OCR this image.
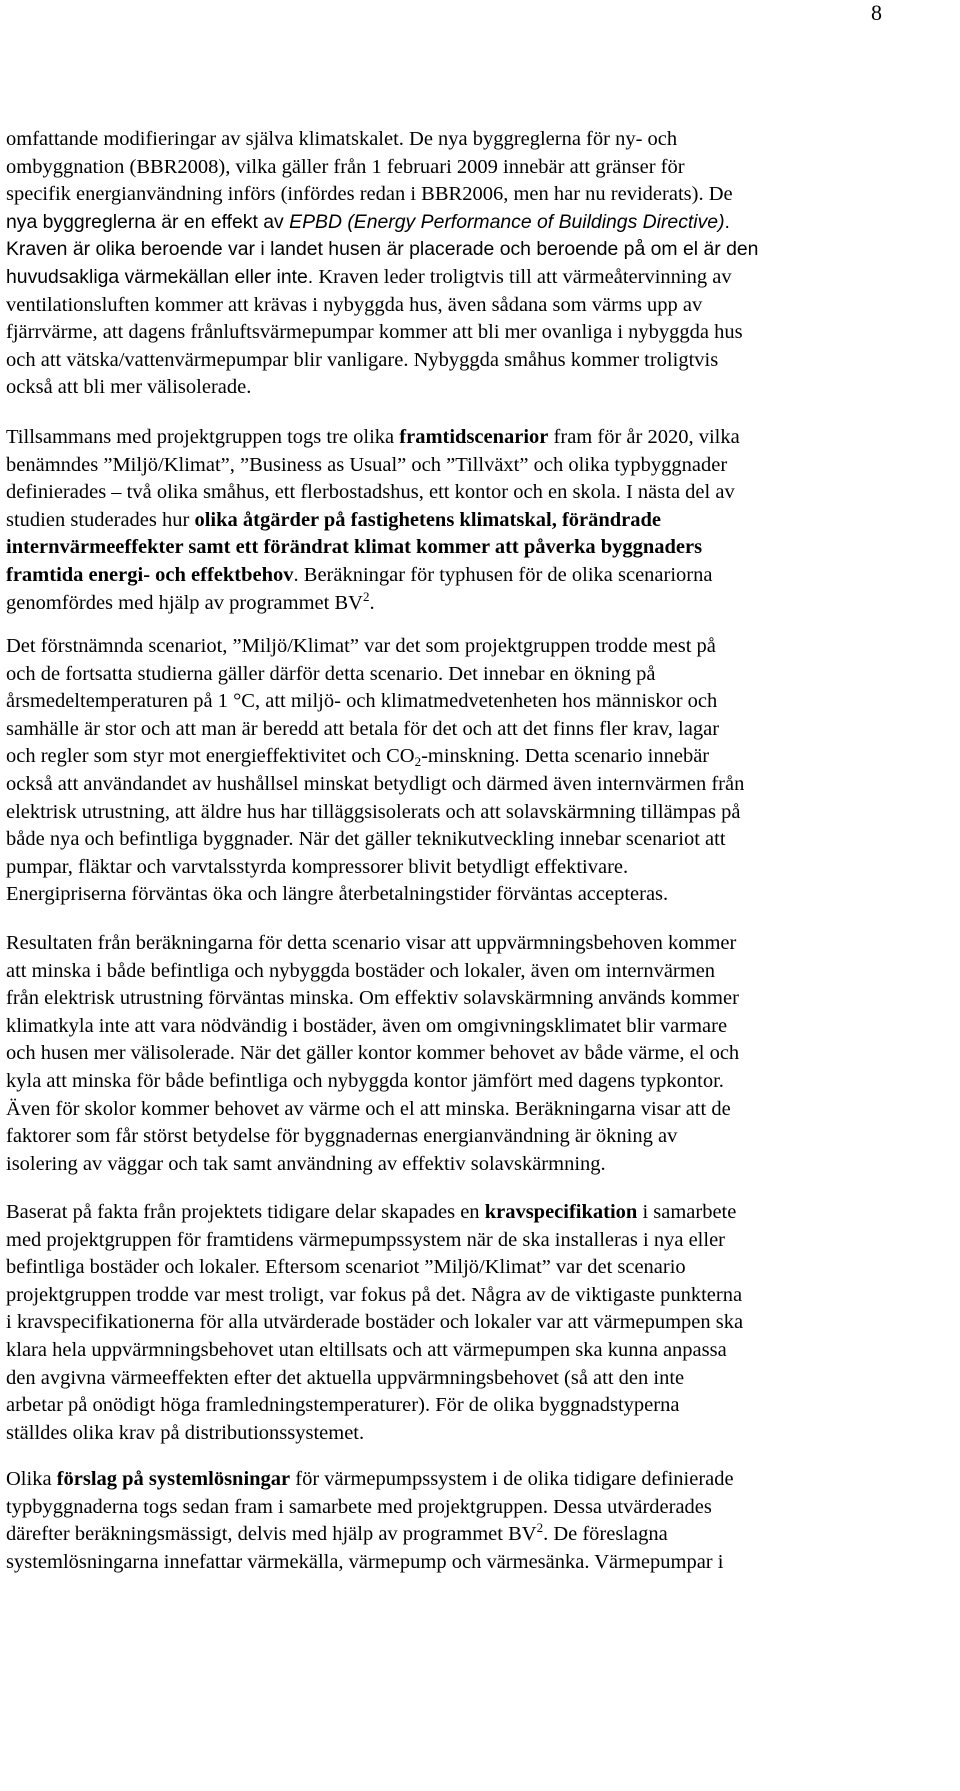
8
omfattande modifieringar av själva klimatskalet. De nya byggreglerna för ny- och
ombyggnation (BBR2008), vilka gäller från 1 februari 2009 innebär att gränser för
specifik energianvändning införs (infördes redan i BBR2006, men har nu reviderats). De
nya byggreglerna är en effekt av EPBD (Energy Performance of Buildings Directive).
Kraven är olika beroende var i landet husen är placerade och beroende på om el är den
huvudsakliga värmekällan eller inte. Kraven leder troligtvis till att värmeåtervinning av
ventilationsluften kommer att krävas i nybyggda hus, även sådana som värms upp av
fjärrvärme, att dagens frånluftsvärmepumpar kommer att bli mer ovanliga i nybyggda hus
och att vätska/vattenvärmepumpar blir vanligare. Nybyggda småhus kommer troligtvis
också att bli mer välisolerade.
Tillsammans med projektgruppen togs tre olika framtidscenarior fram för år 2020, vilka
benämndes ”Miljö/Klimat”, ”Business as Usual” och ”Tillväxt” och olika typbyggnader
definierades – två olika småhus, ett flerbostadshus, ett kontor och en skola. I nästa del av
studien studerades hur olika åtgärder på fastighetens klimatskal, förändrade
internvärmeeffekter samt ett förändrat klimat kommer att påverka byggnaders
framtida energi- och effektbehov. Beräkningar för typhusen för de olika scenariorna
genomfördes med hjälp av programmet $BV^2$.
Det förstnämnda scenariot, ”Miljö/Klimat” var det som projektgruppen trodde mest på
och de fortsatta studierna gäller därför detta scenario. Det innebar en ökning på
årsmedeltemperaturen på 1 °C, att miljö- och klimatmedvetenheten hos människor och
samhälle är stor och att man är beredd att betala för det och att det finns fler krav, lagar
och regler som styr mot energieffektivitet och $CO_2$-minskning. Detta scenario innebär
också att användandet av hushållsel minskat betydligt och därmed även internvärmen från
elektrisk utrustning, att äldre hus har tilläggsisolerats och att solavskärmning tillämpas på
både nya och befintliga byggnader. När det gäller teknikutveckling innebar scenariot att
pumpar, fläktar och varvtalsstyrda kompressorer blivit betydligt effektivare.
Energipriserna förväntas öka och längre återbetalningstider förväntas accepteras.
Resultaten från beräkningarna för detta scenario visar att uppvärmningsbehoven kommer
att minska i både befintliga och nybyggda bostäder och lokaler, även om internvärmen
från elektrisk utrustning förväntas minska. Om effektiv solavskärmning används kommer
klimatkyla inte att vara nödvändig i bostäder, även om omgivningsklimatet blir varmare
och husen mer välisolerade. När det gäller kontor kommer behovet av både värme, el och
kyla att minska för både befintliga och nybyggda kontor jämfört med dagens typkontor.
Även för skolor kommer behovet av värme och el att minska. Beräkningarna visar att de
faktorer som får störst betydelse för byggnadernas energianvändning är ökning av
isolering av väggar och tak samt användning av effektiv solavskärmning.
Baserat på fakta från projektets tidigare delar skapades en kravspecifikation i samarbete
med projektgruppen för framtidens värmepumpssystem när de ska installeras i nya eller
befintliga bostäder och lokaler. Eftersom scenariot ”Miljö/Klimat” var det scenario
projektgruppen trodde var mest troligt, var fokus på det. Några av de viktigaste punkterna
i kravspecifikationerna för alla utvärderade bostäder och lokaler var att värmepumpen ska
klara hela uppvärmningsbehovet utan eltillsats och att värmepumpen ska kunna anpassa
den avgivna värmeeffekten efter det aktuella uppvärmningsbehovet (så att den inte
arbetar på onödigt höga framledningstemperaturer). För de olika byggnadstyperna
ställdes olika krav på distributionssystemet.
Olika förslag på systemlösningar för värmepumpssystem i de olika tidigare definierade
typbyggnaderna togs sedan fram i samarbete med projektgruppen. Dessa utvärderades
därefter beräkningsmässigt, delvis med hjälp av programmet $BV^2$. De föreslagna
systemlösningarna innefattar värmekälla, värmepump och värmesänka. Värmepumpar i
